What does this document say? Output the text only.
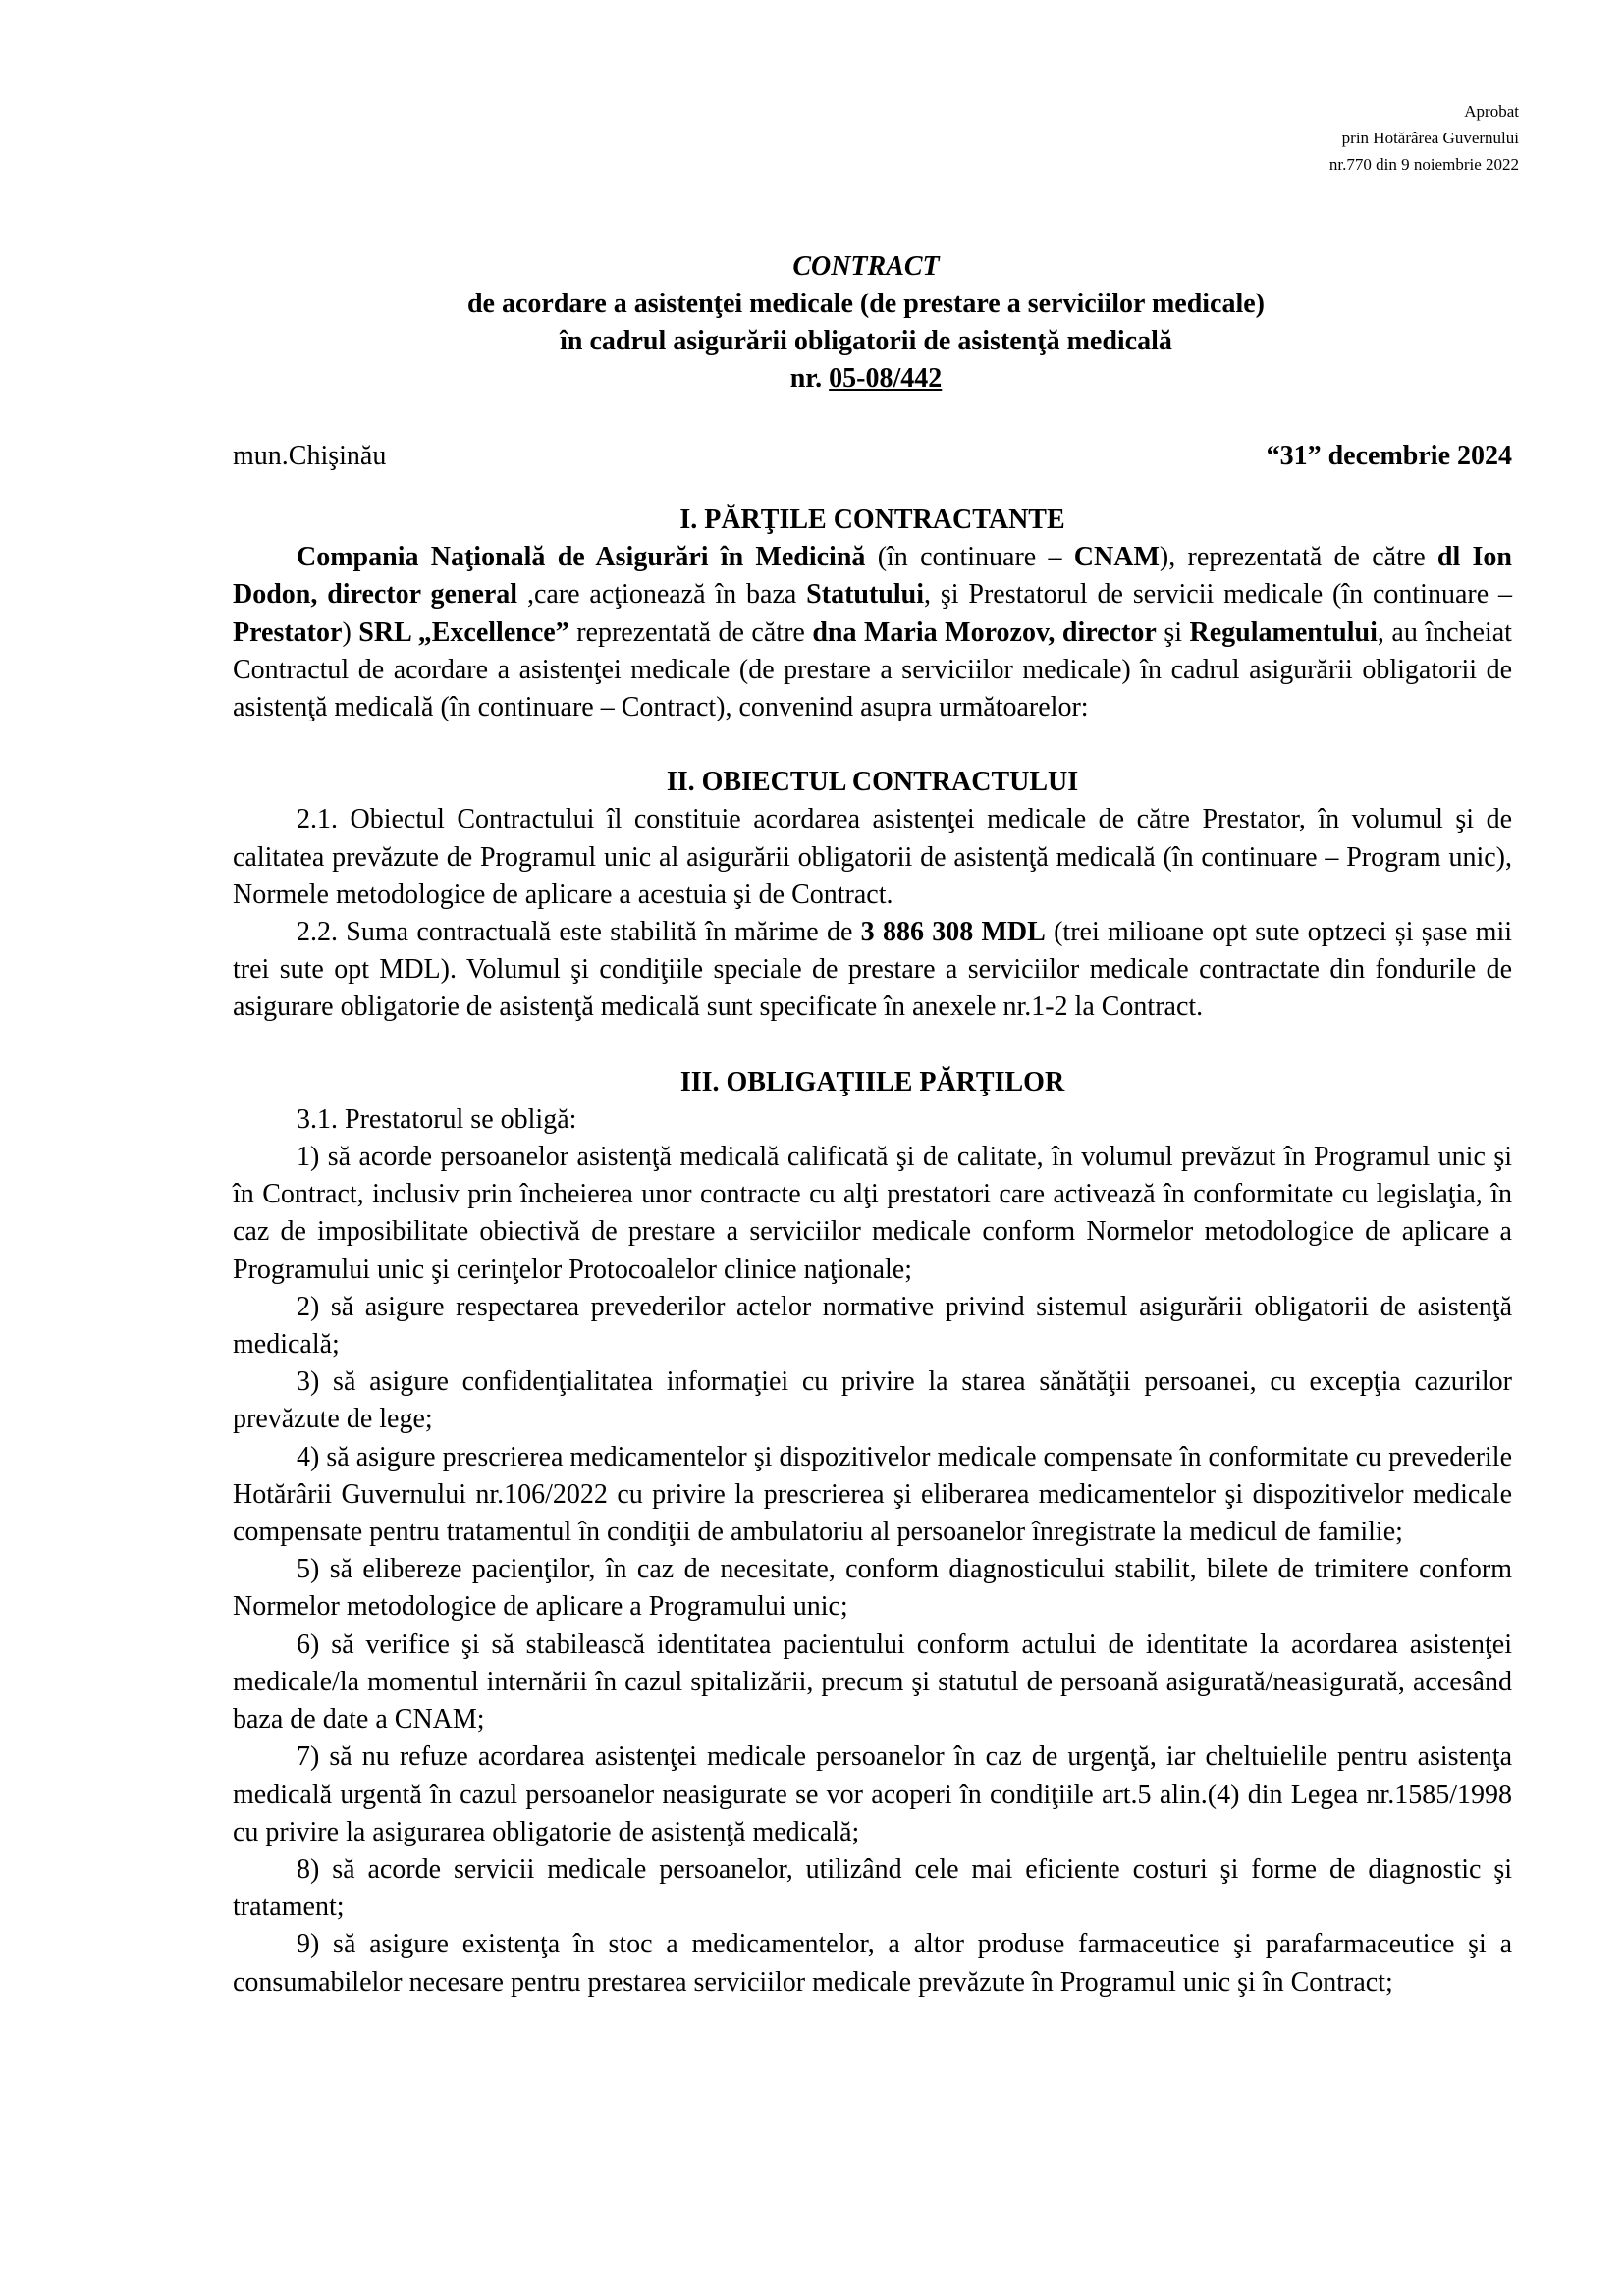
Aprobat
prin Hotărârea Guvernului
nr.770 din 9 noiembrie 2022
CONTRACT
de acordare a asistenţei medicale (de prestare a serviciilor medicale)
în cadrul asigurării obligatorii de asistenţă medicală
nr. 05-08/442
mun.Chişinău	“31” decembrie 2024
I. PĂRŢILE CONTRACTANTE

Compania Naţională de Asigurări în Medicină (în continuare – CNAM), reprezentată de către dl Ion Dodon, director general ,care acţionează în baza Statutului, şi Prestatorul de servicii medicale (în continuare – Prestator) SRL „Excellence” reprezentată de către dna Maria Morozov, director şi Regulamentului, au încheiat Contractul de acordare a asistenţei medicale (de prestare a serviciilor medicale) în cadrul asigurării obligatorii de asistenţă medicală (în continuare – Contract), convenind asupra următoarelor:

II. OBIECTUL CONTRACTULUI

2.1. Obiectul Contractului îl constituie acordarea asistenţei medicale de către Prestator, în volumul şi de calitatea prevăzute de Programul unic al asigurării obligatorii de asistenţă medicală (în continuare – Program unic), Normele metodologice de aplicare a acestuia şi de Contract.

2.2. Suma contractuală este stabilită în mărime de 3 886 308 MDL (trei milioane opt sute optzeci și șase mii trei sute opt MDL). Volumul şi condiţiile speciale de prestare a serviciilor medicale contractate din fondurile de asigurare obligatorie de asistenţă medicală sunt specificate în anexele nr.1-2 la Contract.

III. OBLIGAŢIILE PĂRŢILOR

3.1. Prestatorul se obligă:

1) să acorde persoanelor asistenţă medicală calificată şi de calitate, în volumul prevăzut în Programul unic şi în Contract, inclusiv prin încheierea unor contracte cu alţi prestatori care activează în conformitate cu legislaţia, în caz de imposibilitate obiectivă de prestare a serviciilor medicale conform Normelor metodologice de aplicare a Programului unic şi cerinţelor Protocoalelor clinice naţionale;

2) să asigure respectarea prevederilor actelor normative privind sistemul asigurării obligatorii de asistenţă medicală;

3) să asigure confidenţialitatea informaţiei cu privire la starea sănătăţii persoanei, cu excepţia cazurilor prevăzute de lege;

4) să asigure prescrierea medicamentelor şi dispozitivelor medicale compensate în conformitate cu prevederile Hotărârii Guvernului nr.106/2022 cu privire la prescrierea şi eliberarea medicamentelor şi dispozitivelor medicale compensate pentru tratamentul în condiţii de ambulatoriu al persoanelor înregistrate la medicul de familie;

5) să elibereze pacienţilor, în caz de necesitate, conform diagnosticului stabilit, bilete de trimitere conform Normelor metodologice de aplicare a Programului unic;

6) să verifice şi să stabilească identitatea pacientului conform actului de identitate la acordarea asistenţei medicale/la momentul internării în cazul spitalizării, precum şi statutul de persoană asigurată/neasigurată, accesând baza de date a CNAM;

7) să nu refuze acordarea asistenţei medicale persoanelor în caz de urgenţă, iar cheltuielile pentru asistenţa medicală urgentă în cazul persoanelor neasigurate se vor acoperi în condiţiile art.5 alin.(4) din Legea nr.1585/1998 cu privire la asigurarea obligatorie de asistenţă medicală;

8) să acorde servicii medicale persoanelor, utilizând cele mai eficiente costuri şi forme de diagnostic şi tratament;

9) să asigure existenţa în stoc a medicamentelor, a altor produse farmaceutice şi parafarmaceutice şi a consumabilelor necesare pentru prestarea serviciilor medicale prevăzute în Programul unic şi în Contract;
